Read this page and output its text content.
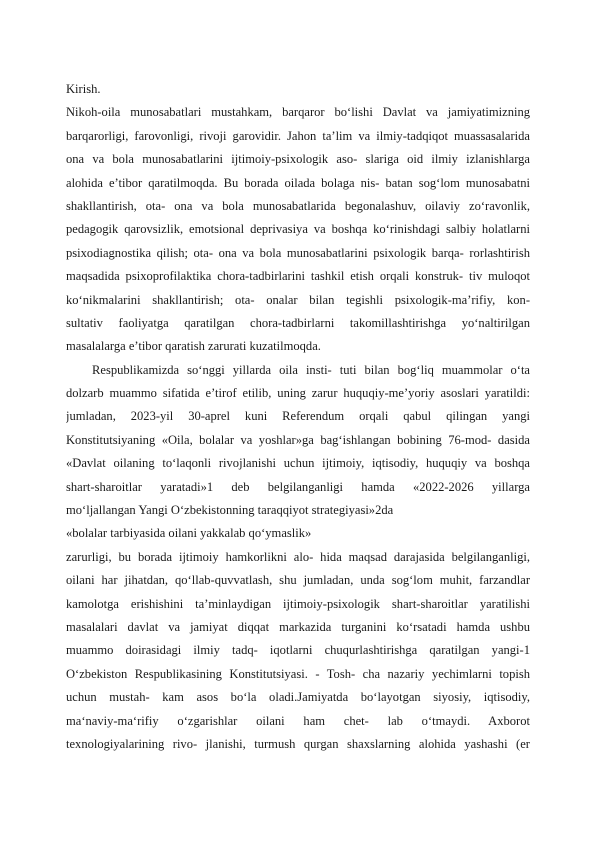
Kirish.
Nikoh-oila munosabatlari mustahkam, barqaror bo‘lishi Davlat va jamiyatimizning
barqarorligi, farovonligi, rivoji garovidir. Jahon ta’lim va ilmiy-tadqiqot muassasalarida
ona va bola munosabatlarini ijtimoiy-psixologik aso- slariga oid ilmiy izlanishlarga
alohida e’tibor qaratilmoqda. Bu borada oilada bolaga nis- batan sog‘lom munosabatni
shakllantirish, ota- ona va bola munosabatlarida begonalashuv, oilaviy zo‘ravonlik,
pedagogik qarovsizlik, emotsional deprivasiya va boshqa ko‘rinishdagi salbiy holatlarni
psixodiagnostika qilish; ota- ona va bola munosabatlarini psixologik barqa- rorlashtirish
maqsadida psixoprofilaktika chora-tadbirlarini tashkil etish orqali konstruk- tiv muloqot
ko‘nikmalarini shakllantirish; ota- onalar bilan tegishli psixologik-ma’rifiy, kon-
sultativ faoliyatga qaratilgan chora-tadbirlarni takomillashtirishga yo‘naltirilgan
masalalarga e’tibor qaratish zarurati kuzatilmoqda.
Respublikamizda so‘nggi yillarda oila insti- tuti bilan bog‘liq muammolar o‘ta
dolzarb muammo sifatida e’tirof etilib, uning zarur huquqiy-me’yoriy asoslari yaratildi:
jumladan, 2023-yil 30-aprel kuni Referendum orqali qabul qilingan yangi
Konstitutsiyaning «Oila, bolalar va yoshlar»ga bag‘ishlangan bobining 76-mod- dasida
«Davlat oilaning to‘laqonli rivojlanishi uchun ijtimoiy, iqtisodiy, huquqiy va boshqa
shart-sharoitlar yaratadi»1 deb belgilanganligi hamda «2022-2026 yillarga
mo‘ljallangan Yangi O‘zbekistonning taraqqiyot strategiyasi»2da
«bolalar tarbiyasida oilani yakkalab qo‘ymaslik»
zarurligi, bu borada ijtimoiy hamkorlikni alo- hida maqsad darajasida belgilanganligi,
oilani har jihatdan, qo‘llab-quvvatlash, shu jumladan, unda sog‘lom muhit, farzandlar
kamolotga erishishini ta’minlaydigan ijtimoiy-psixologik shart-sharoitlar yaratilishi
masalalari davlat va jamiyat diqqat markazida turganini ko‘rsatadi hamda ushbu
muammo doirasidagi ilmiy tadq- iqotlarni chuqurlashtirishga qaratilgan yangi-1
O‘zbekiston Respublikasining Konstitutsiyasi. - Tosh- cha nazariy yechimlarni topish
uchun mustah- kam asos bo‘la oladi.Jamiyatda bo‘layotgan siyosiy, iqtisodiy,
ma‘naviy-ma‘rifiy o‘zgarishlar oilani ham chet- lab o‘tmaydi. Axborot
texnologiyalarining rivo- jlanishi, turmush qurgan shaxslarning alohida yashashi (er
